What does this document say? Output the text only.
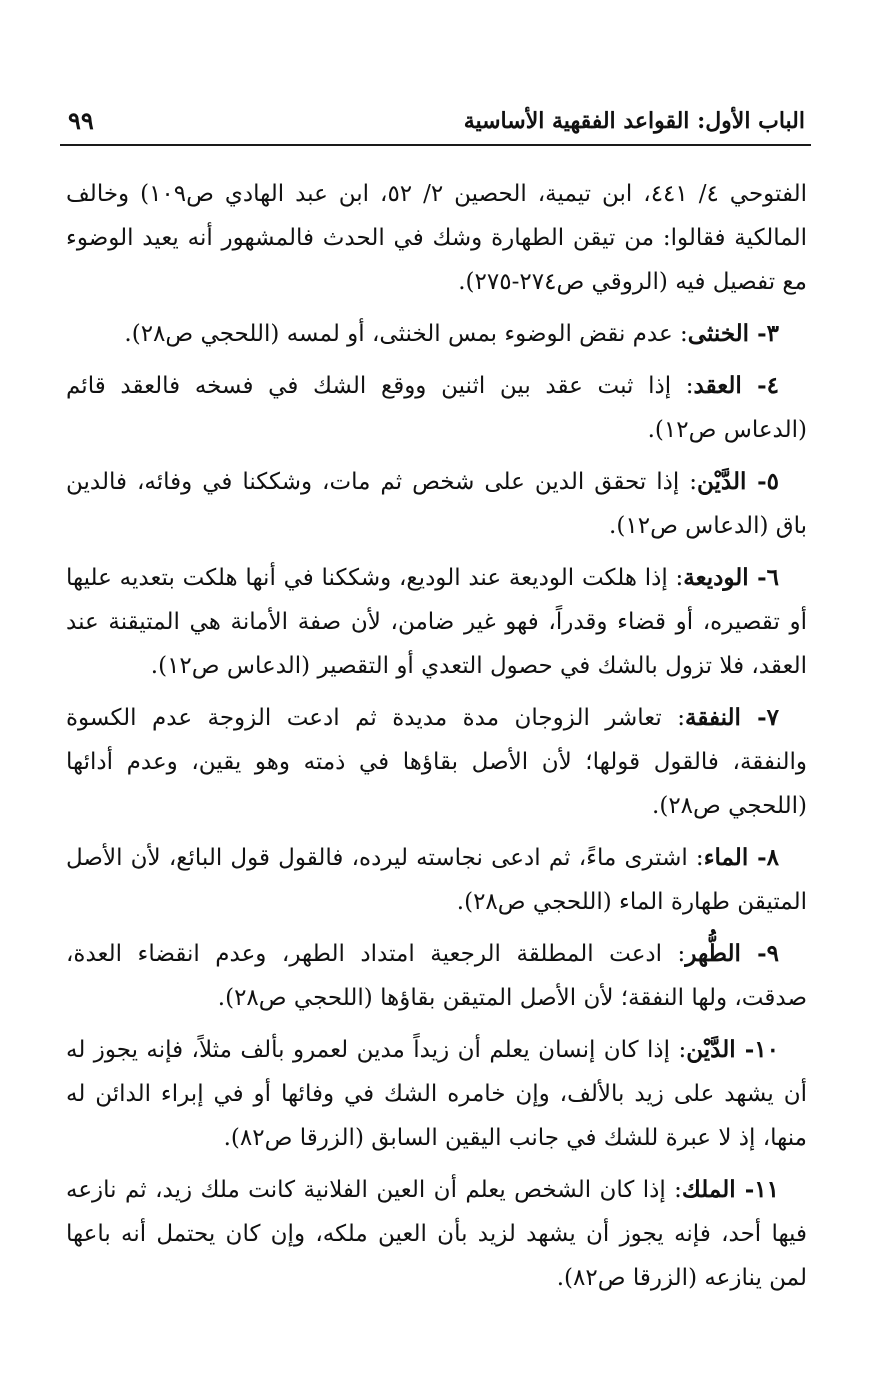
الباب الأول: القواعد الفقهية الأساسية
٩٩

الفتوحي ٤/ ٤٤١، ابن تيمية، الحصين ٢/ ٥٢، ابن عبد الهادي ص١٠٩) وخالف المالكية فقالوا: من تيقن الطهارة وشك في الحدث فالمشهور أنه يعيد الوضوء مع تفصيل فيه (الروقي ص٢٧٤-٢٧٥).

٣- الخنثى: عدم نقض الوضوء بمس الخنثى، أو لمسه (اللحجي ص٢٨).

٤- العقد: إذا ثبت عقد بين اثنين ووقع الشك في فسخه فالعقد قائم (الدعاس ص١٢).

٥- الدَّيْن: إذا تحقق الدين على شخص ثم مات، وشككنا في وفائه، فالدين باق (الدعاس ص١٢).

٦- الوديعة: إذا هلكت الوديعة عند الوديع، وشككنا في أنها هلكت بتعديه عليها أو تقصيره، أو قضاء وقدراً، فهو غير ضامن، لأن صفة الأمانة هي المتيقنة عند العقد، فلا تزول بالشك في حصول التعدي أو التقصير (الدعاس ص١٢).

٧- النفقة: تعاشر الزوجان مدة مديدة ثم ادعت الزوجة عدم الكسوة والنفقة، فالقول قولها؛ لأن الأصل بقاؤها في ذمته وهو يقين، وعدم أدائها (اللحجي ص٢٨).

٨- الماء: اشترى ماءً، ثم ادعى نجاسته ليرده، فالقول قول البائع، لأن الأصل المتيقن طهارة الماء (اللحجي ص٢٨).

٩- الطُّهر: ادعت المطلقة الرجعية امتداد الطهر، وعدم انقضاء العدة، صدقت، ولها النفقة؛ لأن الأصل المتيقن بقاؤها (اللحجي ص٢٨).

١٠- الدَّيْن: إذا كان إنسان يعلم أن زيداً مدين لعمرو بألف مثلاً، فإنه يجوز له أن يشهد على زيد بالألف، وإن خامره الشك في وفائها أو في إبراء الدائن له منها، إذ لا عبرة للشك في جانب اليقين السابق (الزرقا ص٨٢).

١١- الملك: إذا كان الشخص يعلم أن العين الفلانية كانت ملك زيد، ثم نازعه فيها أحد، فإنه يجوز أن يشهد لزيد بأن العين ملكه، وإن كان يحتمل أنه باعها لمن ينازعه (الزرقا ص٨٢).
